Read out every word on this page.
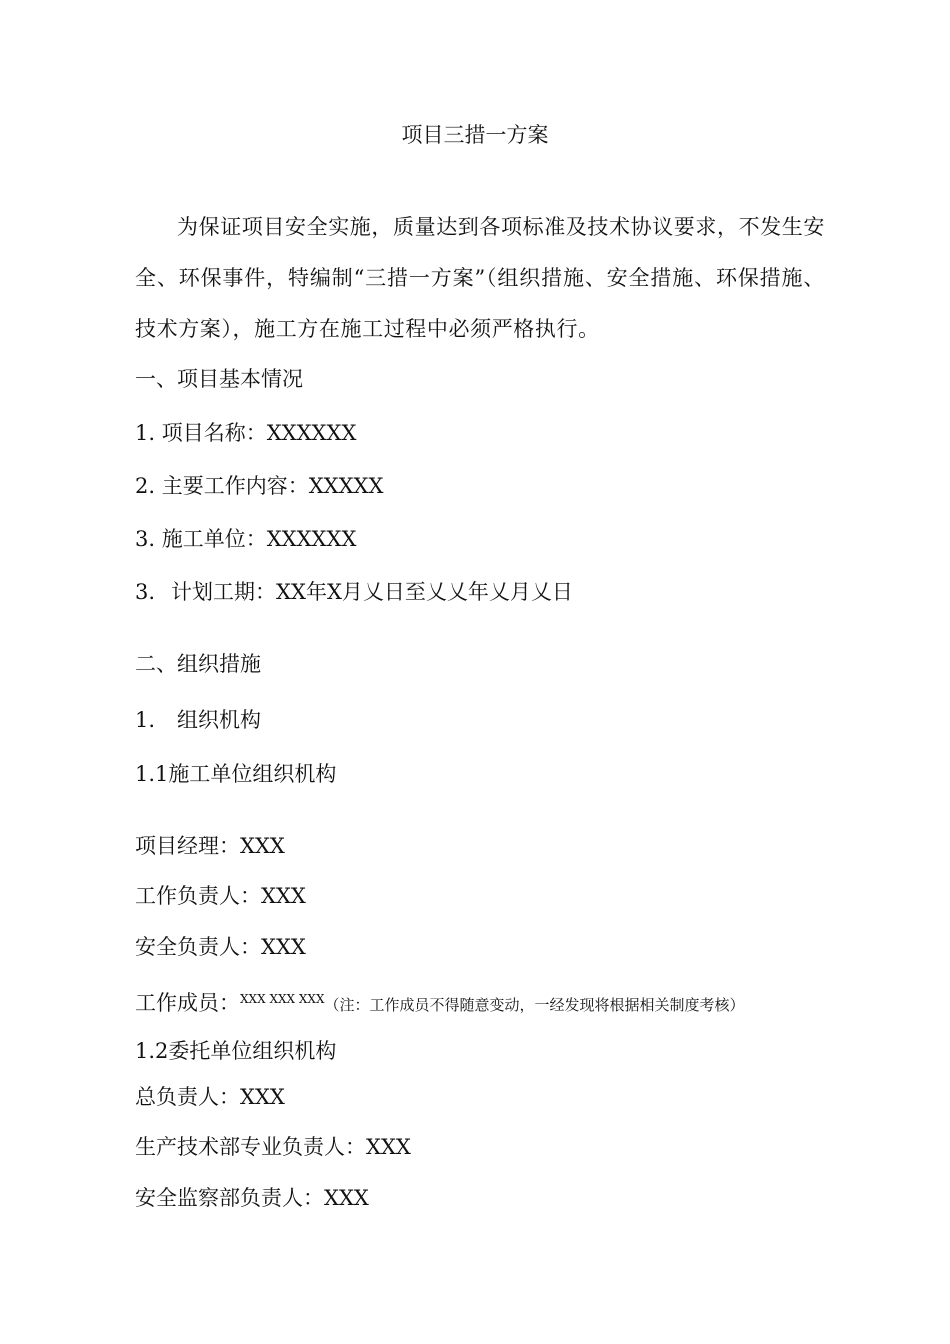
项目三措一方案
为保证项目安全实施，质量达到各项标准及技术协议要求，不发生安全、环保事件，特编制“三措一方案”（组织措施、安全措施、环保措施、技术方案），施工方在施工过程中必须严格执行。
一、项目基本情况
1. 项目名称：XXXXXX
2. 主要工作内容：XXXXX
3. 施工单位：XXXXXX
3. 计划工期：XX年X月乂日至乂乂年乂月乂日
二、组织措施
1. 组织机构
1.1施工单位组织机构
项目经理：XXX
工作负责人：XXX
安全负责人：XXX
工作成员：$^{XXX XXX XXX}$（注：工作成员不得随意变动，一经发现将根据相关制度考核）
1.2委托单位组织机构
总负责人：XXX
生产技术部专业负责人：XXX
安全监察部负责人：XXX
